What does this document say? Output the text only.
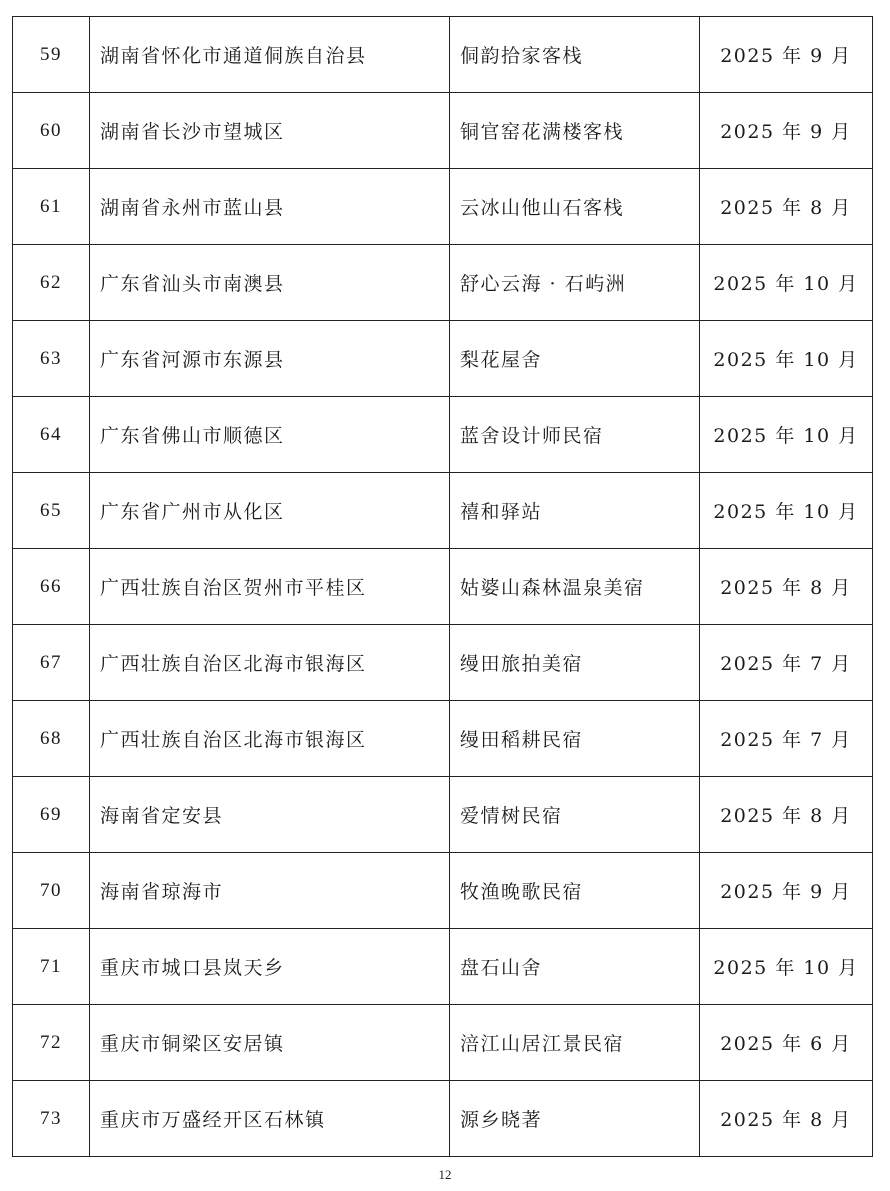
59	湖南省怀化市通道侗族自治县	侗韵拾家客栈	2025 年 9 月
60	湖南省长沙市望城区	铜官窑花满楼客栈	2025 年 9 月
61	湖南省永州市蓝山县	云冰山他山石客栈	2025 年 8 月
62	广东省汕头市南澳县	舒心云海 · 石屿洲	2025 年 10 月
63	广东省河源市东源县	梨花屋舍	2025 年 10 月
64	广东省佛山市顺德区	蓝舍设计师民宿	2025 年 10 月
65	广东省广州市从化区	禧和驿站	2025 年 10 月
66	广西壮族自治区贺州市平桂区	姑婆山森林温泉美宿	2025 年 8 月
67	广西壮族自治区北海市银海区	缦田旅拍美宿	2025 年 7 月
68	广西壮族自治区北海市银海区	缦田稻耕民宿	2025 年 7 月
69	海南省定安县	爱情树民宿	2025 年 8 月
70	海南省琼海市	牧渔晚歌民宿	2025 年 9 月
71	重庆市城口县岚天乡	盘石山舍	2025 年 10 月
72	重庆市铜梁区安居镇	涪江山居江景民宿	2025 年 6 月
73	重庆市万盛经开区石林镇	源乡晓著	2025 年 8 月
12
